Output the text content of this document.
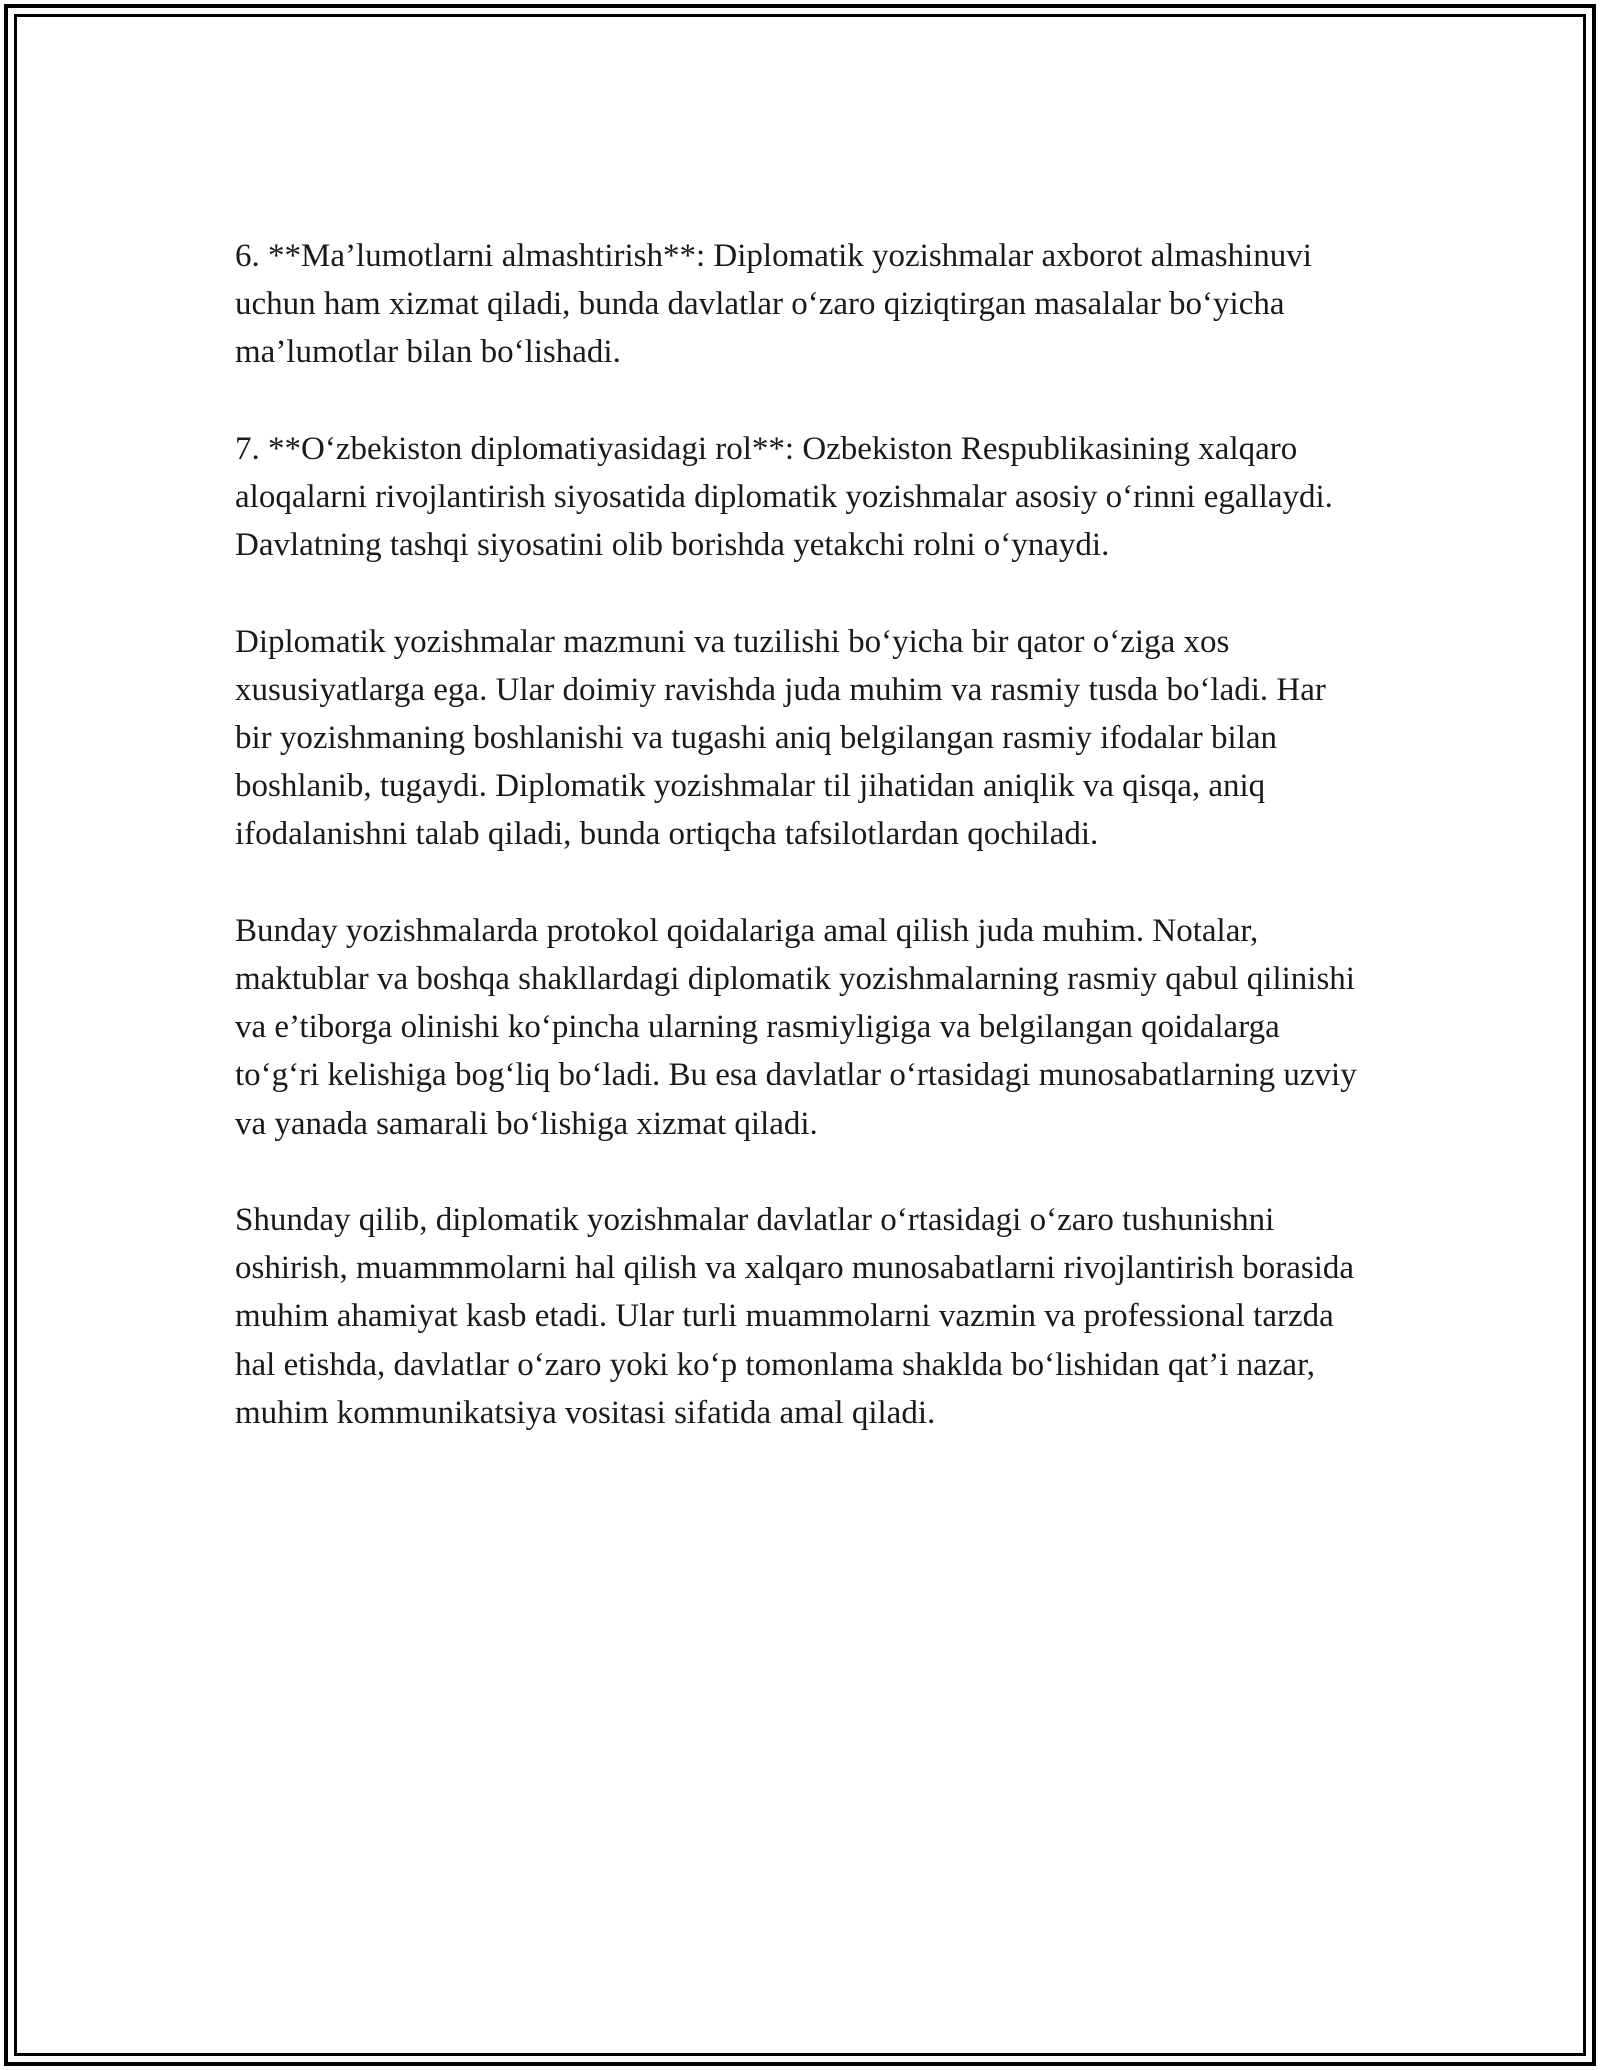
6. **Ma’lumotlarni almashtirish**: Diplomatik yozishmalar axborot almashinuvi uchun ham xizmat qiladi, bunda davlatlar o‘zaro qiziqtirgan masalalar bo‘yicha ma’lumotlar bilan bo‘lishadi.

7. **O‘zbekiston diplomatiyasidagi rol**: Ozbekiston Respublikasining xalqaro aloqalarni rivojlantirish siyosatida diplomatik yozishmalar asosiy o‘rinni egallaydi. Davlatning tashqi siyosatini olib borishda yetakchi rolni o‘ynaydi.

Diplomatik yozishmalar mazmuni va tuzilishi bo‘yicha bir qator o‘ziga xos xususiyatlarga ega. Ular doimiy ravishda juda muhim va rasmiy tusda bo‘ladi. Har bir yozishmaning boshlanishi va tugashi aniq belgilangan rasmiy ifodalar bilan boshlanib, tugaydi. Diplomatik yozishmalar til jihatidan aniqlik va qisqa, aniq ifodalanishni talab qiladi, bunda ortiqcha tafsilotlardan qochiladi.

Bunday yozishmalarda protokol qoidalariga amal qilish juda muhim. Notalar, maktublar va boshqa shakllardagi diplomatik yozishmalarning rasmiy qabul qilinishi va e’tiborga olinishi ko‘pincha ularning rasmiyligiga va belgilangan qoidalarga to‘g‘ri kelishiga bog‘liq bo‘ladi. Bu esa davlatlar o‘rtasidagi munosabatlarning uzviy va yanada samarali bo‘lishiga xizmat qiladi.

Shunday qilib, diplomatik yozishmalar davlatlar o‘rtasidagi o‘zaro tushunishni oshirish, muammmolarni hal qilish va xalqaro munosabatlarni rivojlantirish borasida muhim ahamiyat kasb etadi. Ular turli muammolarni vazmin va professional tarzda hal etishda, davlatlar o‘zaro yoki ko‘p tomonlama shaklda bo‘lishidan qat’i nazar, muhim kommunikatsiya vositasi sifatida amal qiladi.
